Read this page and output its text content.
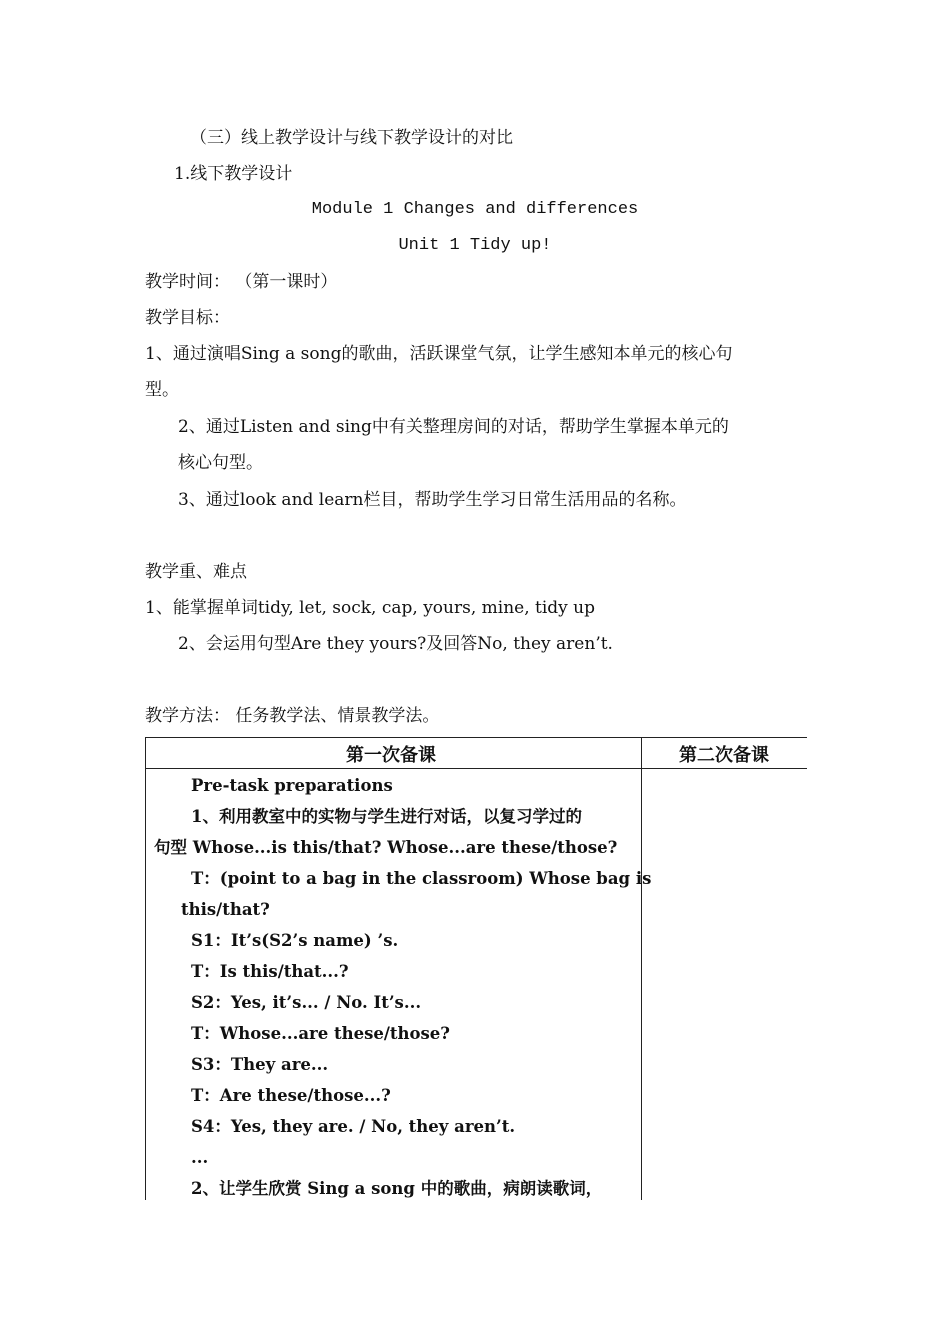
（三）线上教学设计与线下教学设计的对比
1.线下教学设计
Module 1 Changes and differences
Unit 1 Tidy up!
教学时间： （第一课时）
教学目标：
1、通过演唱Sing a song的歌曲，活跃课堂气氛，让学生感知本单元的核心句
型。
2、通过Listen and sing中有关整理房间的对话，帮助学生掌握本单元的
核心句型。
3、通过look and learn栏目，帮助学生学习日常生活用品的名称。
教学重、难点
1、能掌握单词tidy, let, sock, cap, yours, mine, tidy up
2、会运用句型Are they yours?及回答No, they aren’t.
教学方法： 任务教学法、情景教学法。
第一次备课	第二次备课
Pre-task preparations
1、利用教室中的实物与学生进行对话，以复习学过的
句型 Whose...is this/that? Whose...are these/those?
T：(point to a bag in the classroom) Whose bag is
this/that?
S1：It’s(S2’s name) ’s.
T：Is this/that...?
S2：Yes, it’s... / No. It’s...
T：Whose...are these/those?
S3：They are...
T：Are these/those...?
S4：Yes, they are. / No, they aren’t.
...
2、让学生欣赏 Sing a song 中的歌曲，病朗读歌词，
